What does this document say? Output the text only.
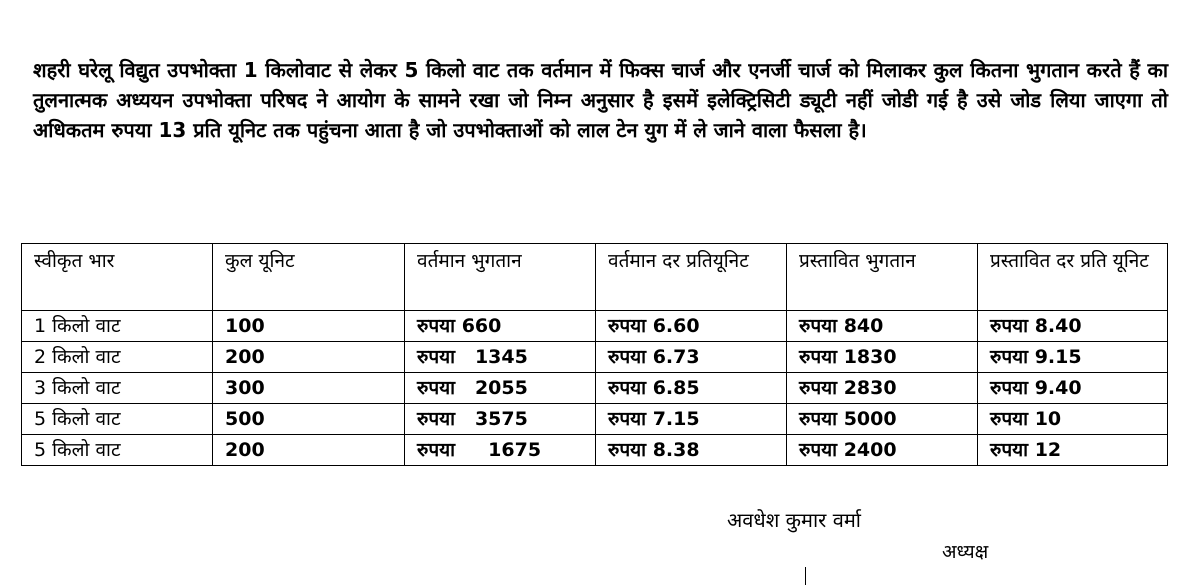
शहरी घरेलू विद्युत उपभोक्ता 1 किलोवाट से लेकर 5 किलो वाट तक वर्तमान में फिक्स चार्ज और एनर्जी चार्ज को मिलाकर कुल कितना भुगतान करते हैं का तुलनात्मक अध्ययन उपभोक्ता परिषद ने आयोग के सामने रखा जो निम्न अनुसार है इसमें इलेक्ट्रिसिटी ड्यूटी नहीं जोडी गई है उसे जोड लिया जाएगा तो अधिकतम रुपया 13 प्रति यूनिट तक पहुंचना आता है जो उपभोक्ताओं को लाल टेन युग में ले जाने वाला फैसला है।

स्वीकृत भार	कुल यूनिट	वर्तमान भुगतान	वर्तमान दर प्रतियूनिट	प्रस्तावित भुगतान	प्रस्तावित दर प्रति यूनिट
1 किलो वाट	100	रुपया 660	रुपया 6.60	रुपया 840	रुपया 8.40
2 किलो वाट	200	रुपया   1345	रुपया 6.73	रुपया 1830	रुपया 9.15
3 किलो वाट	300	रुपया   2055	रुपया 6.85	रुपया 2830	रुपया 9.40
5 किलो वाट	500	रुपया   3575	रुपया 7.15	रुपया 5000	रुपया 10
5 किलो वाट	200	रुपया     1675	रुपया 8.38	रुपया 2400	रुपया 12
अवधेश कुमार वर्मा
अध्यक्ष
